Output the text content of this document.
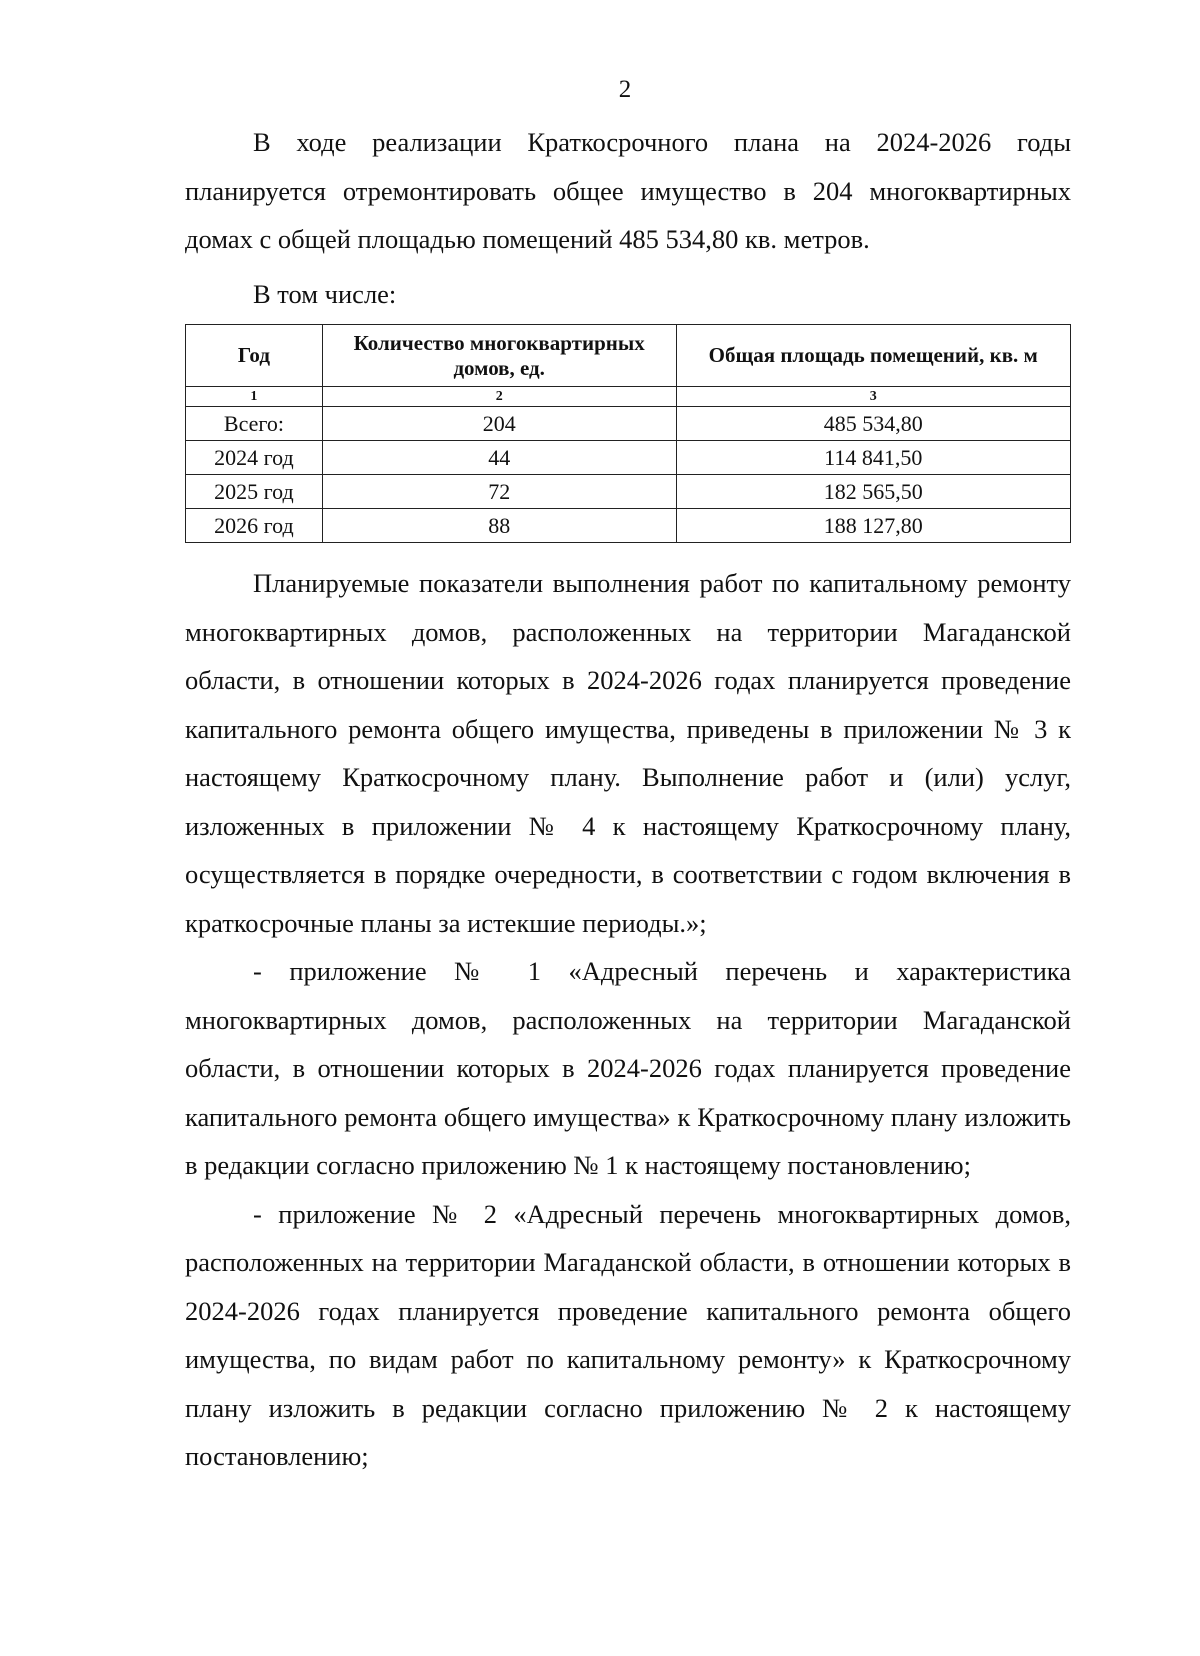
2

В ходе реализации Краткосрочного плана на 2024-2026 годы планируется отремонтировать общее имущество в 204 многоквартирных домах с общей площадью помещений 485 534,80 кв. метров.

В том числе:

Год	Количество многоквартирных домов, ед.	Общая площадь помещений, кв. м
1	2	3
Всего:	204	485 534,80
2024 год	44	114 841,50
2025 год	72	182 565,50
2026 год	88	188 127,80

Планируемые показатели выполнения работ по капитальному ремонту многоквартирных домов, расположенных на территории Магаданской области, в отношении которых в 2024-2026 годах планируется проведение капитального ремонта общего имущества, приведены в приложении № 3 к настоящему Краткосрочному плану. Выполнение работ и (или) услуг, изложенных в приложении № 4 к настоящему Краткосрочному плану, осуществляется в порядке очередности, в соответствии с годом включения в краткосрочные планы за истекшие периоды.»;

- приложение № 1 «Адресный перечень и характеристика многоквартирных домов, расположенных на территории Магаданской области, в отношении которых в 2024-2026 годах планируется проведение капитального ремонта общего имущества» к Краткосрочному плану изложить в редакции согласно приложению № 1 к настоящему постановлению;

- приложение № 2 «Адресный перечень многоквартирных домов, расположенных на территории Магаданской области, в отношении которых в 2024-2026 годах планируется проведение капитального ремонта общего имущества, по видам работ по капитальному ремонту» к Краткосрочному плану изложить в редакции согласно приложению № 2 к настоящему постановлению;
